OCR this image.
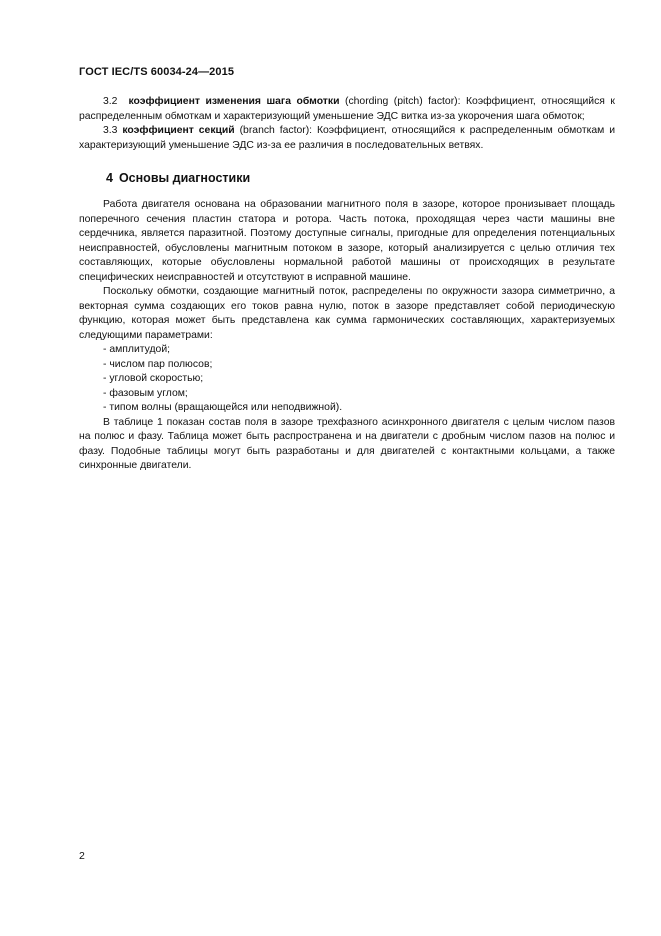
ГОСТ IEC/TS 60034-24—2015

3.2 коэффициент изменения шага обмотки (chording (pitch) factor): Коэффициент, относящийся к распределенным обмоткам и характеризующий уменьшение ЭДС витка из-за укорочения шага обмоток;

3.3 коэффициент секций (branch factor): Коэффициент, относящийся к распределенным обмоткам и характеризующий уменьшение ЭДС из-за ее различия в последовательных ветвях.

4 Основы диагностики

Работа двигателя основана на образовании магнитного поля в зазоре, которое пронизывает площадь поперечного сечения пластин статора и ротора. Часть потока, проходящая через части машины вне сердечника, является паразитной. Поэтому доступные сигналы, пригодные для определения потенциальных неисправностей, обусловлены магнитным потоком в зазоре, который анализируется с целью отличия тех составляющих, которые обусловлены нормальной работой машины от происходящих в результате специфических неисправностей и отсутствуют в исправной машине.

Поскольку обмотки, создающие магнитный поток, распределены по окружности зазора симметрично, а векторная сумма создающих его токов равна нулю, поток в зазоре представляет собой периодическую функцию, которая может быть представлена как сумма гармонических составляющих, характеризуемых следующими параметрами:

- амплитудой;
- числом пар полюсов;
- угловой скоростью;
- фазовым углом;
- типом волны (вращающейся или неподвижной).

В таблице 1 показан состав поля в зазоре трехфазного асинхронного двигателя с целым числом пазов на полюс и фазу. Таблица может быть распространена и на двигатели с дробным числом пазов на полюс и фазу. Подобные таблицы могут быть разработаны и для двигателей с контактными кольцами, а также синхронные двигатели.

2
